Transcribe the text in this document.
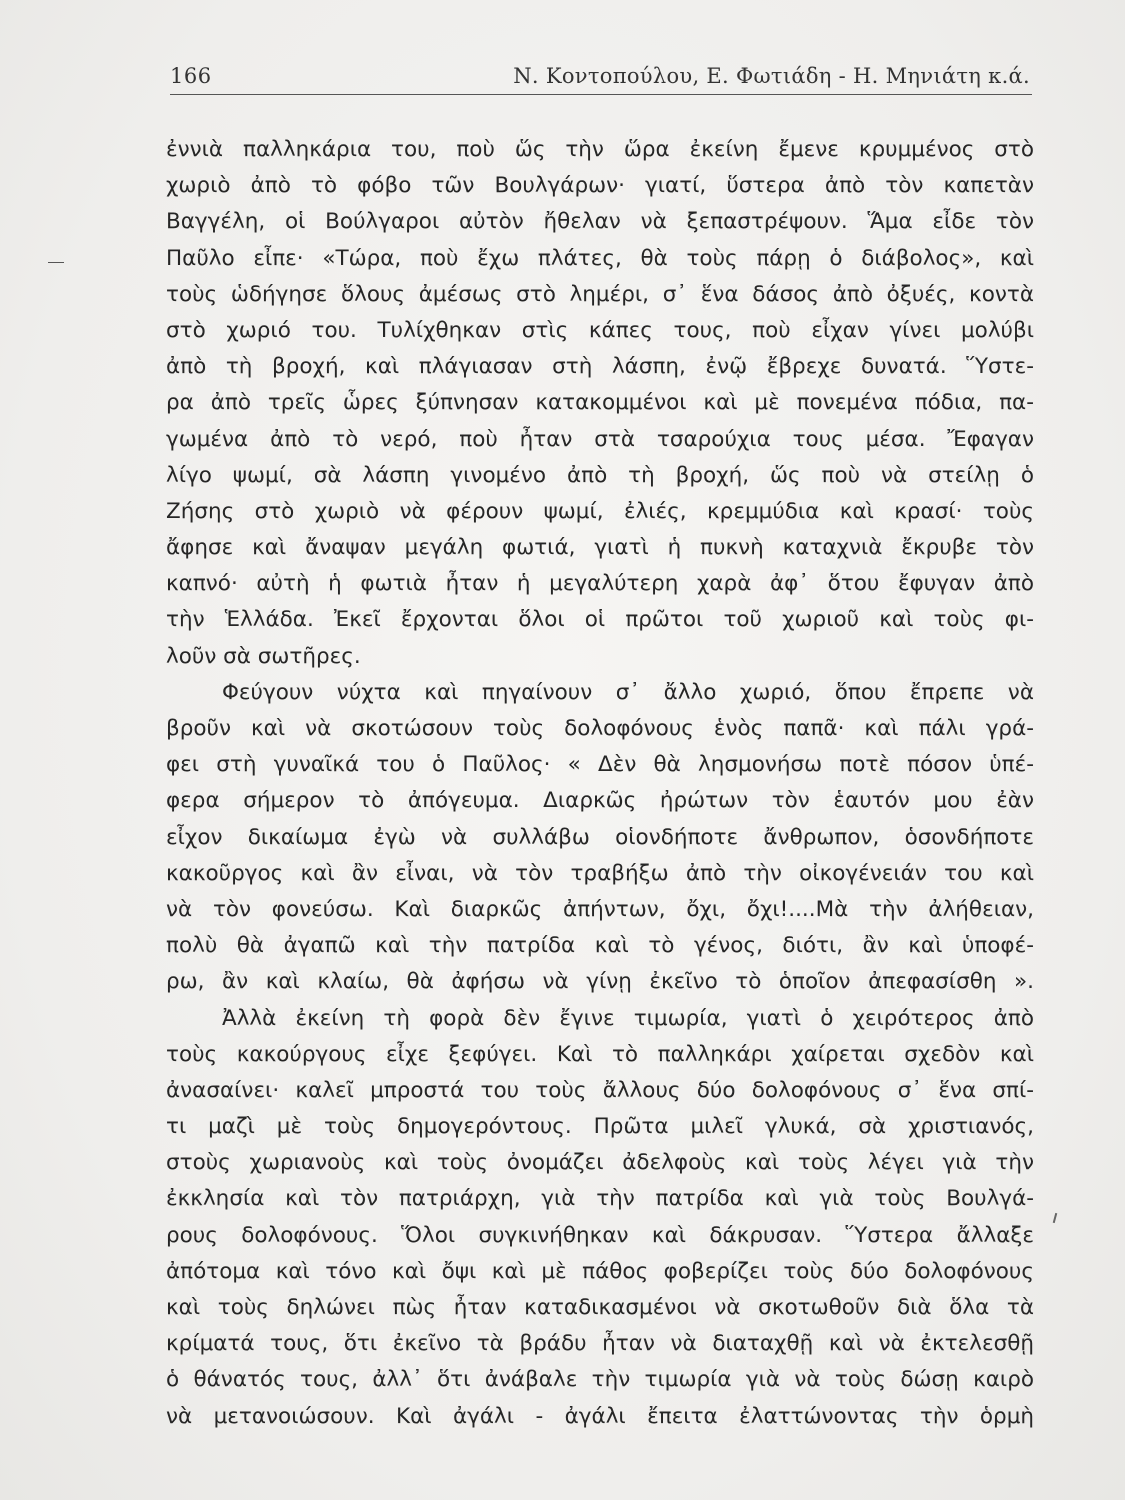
166	Ν. Κοντοπούλου, Ε. Φωτιάδη - Η. Μηνιάτη κ.ά.
ἐννιὰ παλληκάρια του, ποὺ ὥς τὴν ὥρα ἐκείνη ἔμενε κρυμμένος στὸ
χωριὸ ἀπὸ τὸ φόβο τῶν Βουλγάρων· γιατί, ὕστερα ἀπὸ τὸν καπετὰν
Βαγγέλη, οἱ Βούλγαροι αὐτὸν ἤθελαν νὰ ξεπαστρέψουν. Ἅμα εἶδε τὸν
Παῦλο εἶπε· «Τώρα, ποὺ ἔχω πλάτες, θὰ τοὺς πάρῃ ὁ διάβολος», καὶ
τοὺς ὡδήγησε ὅλους ἀμέσως στὸ λημέρι, σ᾽ ἕνα δάσος ἀπὸ ὀξυές, κοντὰ
στὸ χωριό του. Τυλίχθηκαν στὶς κάπες τους, ποὺ εἶχαν γίνει μολύβι
ἀπὸ τὴ βροχή, καὶ πλάγιασαν στὴ λάσπη, ἐνῷ ἔβρεχε δυνατά. Ὕστε-
ρα ἀπὸ τρεῖς ὧρες ξύπνησαν κατακομμένοι καὶ μὲ πονεμένα πόδια, πα-
γωμένα ἀπὸ τὸ νερό, ποὺ ἦταν στὰ τσαρούχια τους μέσα. Ἔφαγαν
λίγο ψωμί, σὰ λάσπη γινομένο ἀπὸ τὴ βροχή, ὥς ποὺ νὰ στείλῃ ὁ
Ζήσης στὸ χωριὸ νὰ φέρουν ψωμί, ἐλιές, κρεμμύδια καὶ κρασί· τοὺς
ἄφησε καὶ ἄναψαν μεγάλη φωτιά, γιατὶ ἡ πυκνὴ καταχνιὰ ἔκρυβε τὸν
καπνό· αὐτὴ ἡ φωτιὰ ἦταν ἡ μεγαλύτερη χαρὰ ἀφ᾽ ὅτου ἔφυγαν ἀπὸ
τὴν Ἑλλάδα. Ἐκεῖ ἔρχονται ὅλοι οἱ πρῶτοι τοῦ χωριοῦ καὶ τοὺς φι-
λοῦν σὰ σωτῆρες.
Φεύγουν νύχτα καὶ πηγαίνουν σ᾽ ἄλλο χωριό, ὅπου ἔπρεπε νὰ
βροῦν καὶ νὰ σκοτώσουν τοὺς δολοφόνους ἑνὸς παπᾶ· καὶ πάλι γρά-
φει στὴ γυναῖκά του ὁ Παῦλος· « Δὲν θὰ λησμονήσω ποτὲ πόσον ὑπέ-
φερα σήμερον τὸ ἀπόγευμα. Διαρκῶς ἠρώτων τὸν ἑαυτόν μου ἐὰν
εἶχον δικαίωμα ἐγὼ νὰ συλλάβω οἱονδήποτε ἄνθρωπον, ὁσονδήποτε
κακοῦργος καὶ ἂν εἶναι, νὰ τὸν τραβήξω ἀπὸ τὴν οἰκογένειάν του καὶ
νὰ τὸν φονεύσω. Καὶ διαρκῶς ἀπήντων, ὄχι, ὄχι!....Μὰ τὴν ἀλήθειαν,
πολὺ θὰ ἀγαπῶ καὶ τὴν πατρίδα καὶ τὸ γένος, διότι, ἂν καὶ ὑποφέ-
ρω, ἂν καὶ κλαίω, θὰ ἀφήσω νὰ γίνῃ ἐκεῖνο τὸ ὁποῖον ἀπεφασίσθη ».
Ἀλλὰ ἐκείνη τὴ φορὰ δὲν ἔγινε τιμωρία, γιατὶ ὁ χειρότερος ἀπὸ
τοὺς κακούργους εἶχε ξεφύγει. Καὶ τὸ παλληκάρι χαίρεται σχεδὸν καὶ
ἀνασαίνει· καλεῖ μπροστά του τοὺς ἄλλους δύο δολοφόνους σ᾽ ἕνα σπί-
τι μαζὶ μὲ τοὺς δημογερόντους. Πρῶτα μιλεῖ γλυκά, σὰ χριστιανός,
στοὺς χωριανοὺς καὶ τοὺς ὀνομάζει ἀδελφοὺς καὶ τοὺς λέγει γιὰ τὴν
ἐκκλησία καὶ τὸν πατριάρχη, γιὰ τὴν πατρίδα καὶ γιὰ τοὺς Βουλγά-
ρους δολοφόνους. Ὅλοι συγκινήθηκαν καὶ δάκρυσαν. Ὕστερα ἄλλαξε
ἀπότομα καὶ τόνο καὶ ὄψι καὶ μὲ πάθος φοβερίζει τοὺς δύο δολοφόνους
καὶ τοὺς δηλώνει πὼς ἦταν καταδικασμένοι νὰ σκοτωθοῦν διὰ ὅλα τὰ
κρίματά τους, ὅτι ἐκεῖνο τὰ βράδυ ἦταν νὰ διαταχθῇ καὶ νὰ ἐκτελεσθῇ
ὁ θάνατός τους, ἀλλ᾽ ὅτι ἀνάβαλε τὴν τιμωρία γιὰ νὰ τοὺς δώσῃ καιρὸ
νὰ μετανοιώσουν. Καὶ ἀγάλι - ἀγάλι ἔπειτα ἐλαττώνοντας τὴν ὁρμὴ
